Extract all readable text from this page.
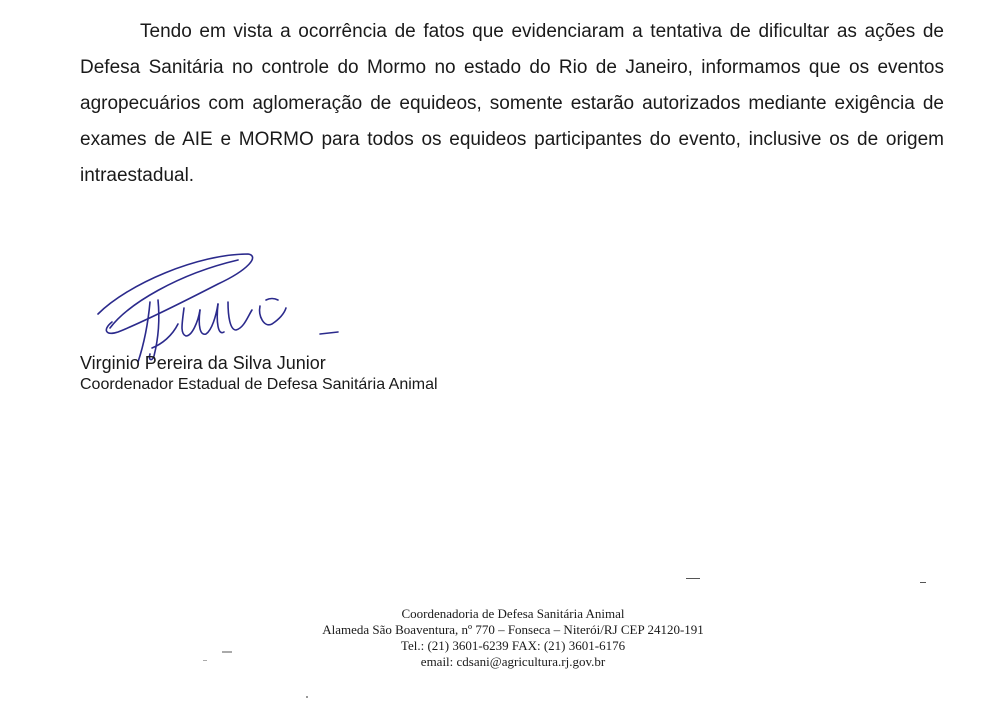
Tendo em vista a ocorrência de fatos que evidenciaram a tentativa de dificultar as ações de Defesa Sanitária no controle do Mormo no estado do Rio de Janeiro, informamos que os eventos agropecuários com aglomeração de equideos, somente estarão autorizados mediante exigência de exames de AIE e MORMO para todos os equideos participantes do evento, inclusive os de origem intraestadual.

Virginio Pereira da Silva Junior
Coordenador Estadual de Defesa Sanitária Animal
Coordenadoria de Defesa Sanitária Animal
Alameda São Boaventura, nº 770 – Fonseca – Niterói/RJ CEP 24120-191
Tel.: (21) 3601-6239 FAX: (21) 3601-6176
email: cdsani@agricultura.rj.gov.br
